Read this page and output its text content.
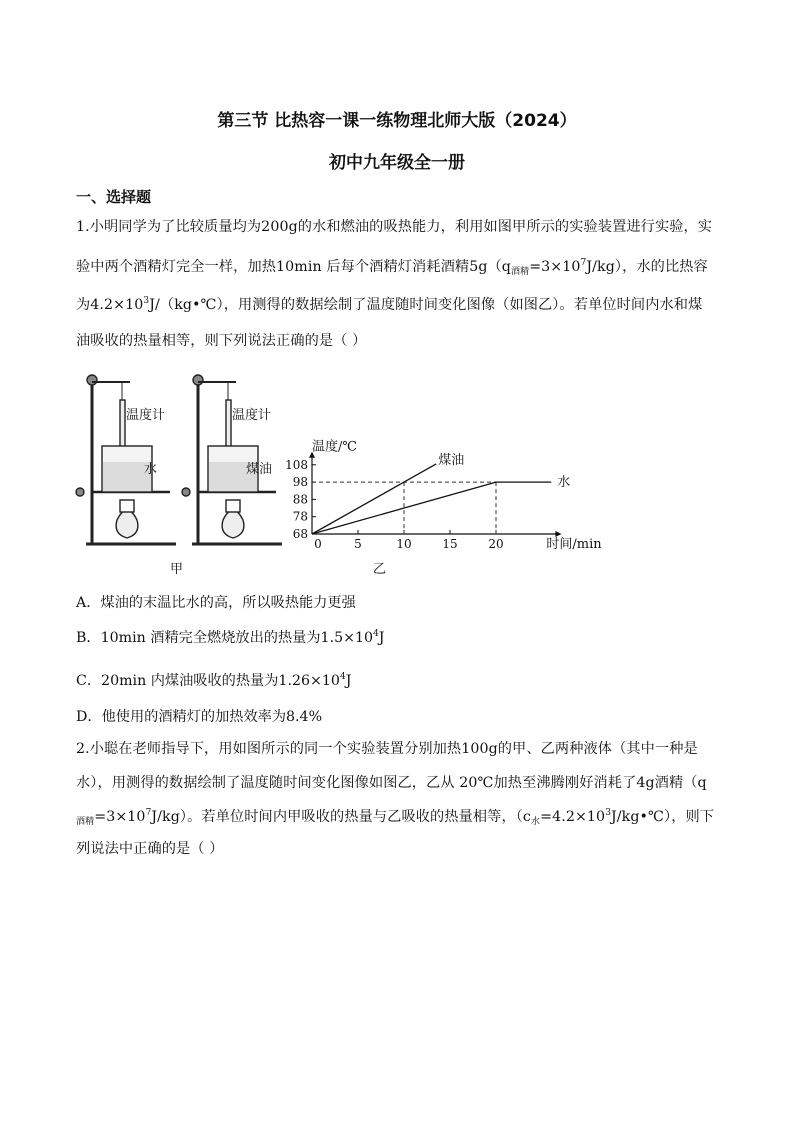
第三节 比热容一课一练物理北师大版（2024）
初中九年级全一册
一、选择题
1.小明同学为了比较质量均为200g的水和燃油的吸热能力，利用如图甲所示的实验装置进行实验，实
验中两个酒精灯完全一样，加热10min 后每个酒精灯消耗酒精$5g(q_{酒精}=3\times 10^7J/kg)$，水的比热容
为$4.2\times 10^3J/(kg•℃)$，用测得的数据绘制了温度随时间变化图像（如图乙）。若单位时间内水和煤
油吸收的热量相等，则下列说法正确的是（ ）
68
78
88
98
108
0	5	10	15	20
煤油
水
温度/℃
时间/min
温度计
水
温度计
煤油
甲	乙
A．煤油的末温比水的高，所以吸热能力更强
B．10min 酒精完全燃烧放出的热量为$1.5\times 10^4J$
C．20min 内煤油吸收的热量为$1.26\times 10^4J$
D．他使用的酒精灯的加热效率为8.4%
2.小聪在老师指导下，用如图所示的同一个实验装置分别加热100g的甲、乙两种液体（其中一种是
水），用测得的数据绘制了温度随时间变化图像如图乙，乙从 20℃加热至沸腾刚好消耗了4g酒精（q
$_{酒精}=3\times 10^7J/kg$）。若单位时间内甲吸收的热量与乙吸收的热量相等，$(c_水=4.2\times 10^3J/kg•℃)$，则下
列说法中正确的是（ ）
